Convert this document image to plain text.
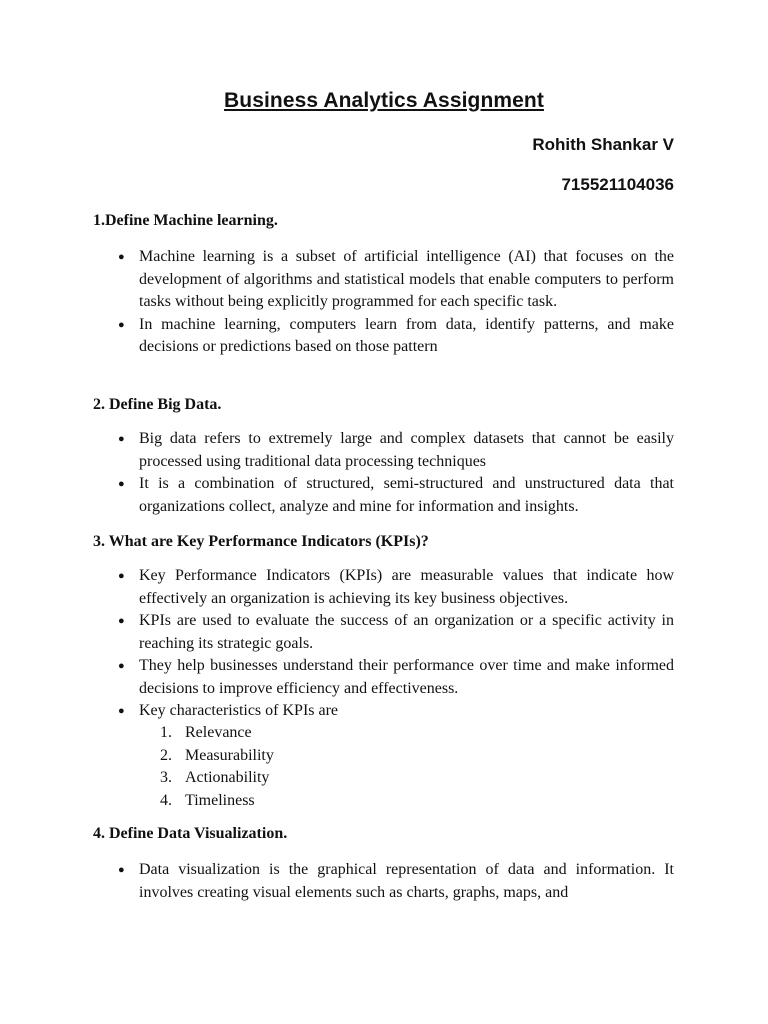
Business Analytics Assignment
Rohith Shankar V
715521104036
1.Define Machine learning.
● Machine learning is a subset of artificial intelligence (AI) that focuses on the development of algorithms and statistical models that enable computers to perform tasks without being explicitly programmed for each specific task.
● In machine learning, computers learn from data, identify patterns, and make decisions or predictions based on those pattern
2. Define Big Data.
● Big data refers to extremely large and complex datasets that cannot be easily processed using traditional data processing techniques
● It is a combination of structured, semi-structured and unstructured data that organizations collect, analyze and mine for information and insights.
3. What are Key Performance Indicators (KPIs)?
● Key Performance Indicators (KPIs) are measurable values that indicate how effectively an organization is achieving its key business objectives.
● KPIs are used to evaluate the success of an organization or a specific activity in reaching its strategic goals.
● They help businesses understand their performance over time and make informed decisions to improve efficiency and effectiveness.
● Key characteristics of KPIs are
1. Relevance
2. Measurability
3. Actionability
4. Timeliness
4. Define Data Visualization.
● Data visualization is the graphical representation of data and information. It involves creating visual elements such as charts, graphs, maps, and
